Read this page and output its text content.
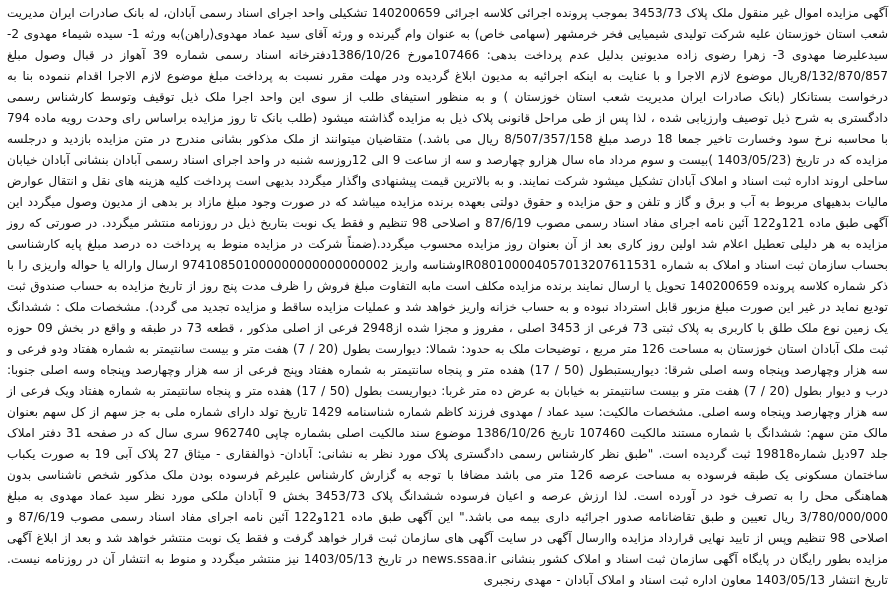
آگهی مزایده اموال غیر منقول ملک پلاک 3453/73 بموجب پرونده اجرائی کلاسه اجرائی 140200659 تشکیلی واحد اجرای اسناد رسمی آبادان، له بانک صادرات ایران مدیریت شعب استان خوزستان علیه شرکت تولیدی شیمیایی فخر خرمشهر (سهامی خاص) به عنوان وام گیرنده و ورثه آقای سید عماد مهدوی(راهن)به ورثه 1- سیده شیماء مهدوی 2- سیدعلیرضا مهدوی 3- زهرا رضوی زاده مدیونین بدلیل عدم پرداخت بدهی: 107466مورخ 1386/10/26دفترخانه اسناد رسمی شماره 39 آهواز در قبال وصول مبلغ 8/132/870/857ریال موضوع لازم الاجرا و با عنایت به اینکه اجرائیه به مدیون ابلاغ گردیده ودر مهلت مقرر نسبت به پرداخت مبلغ موضوع لازم الاجرا اقدام ننموده بنا به درخواست بستانکار (بانک صادرات ایران مدیریت شعب استان خوزستان ) و به منظور استیفای طلب از سوی این واحد اجرا ملک ذیل توقیف وتوسط کارشناس رسمی دادگستری به شرح ذیل توصیف وارزیابی شده ، لذا پس از طی مراحل قانونی پلاک ذیل به مزایده گذاشته میشود (طلب بانک تا روز مزایده براساس رای وحدت رویه ماده 794 با محاسبه نرخ سود وخسارت تاخیر جمعا 18 درصد مبلغ 8/507/357/158 ریال می باشد.) متقاضیان میتوانند از ملک مذکور بشانی مندرج در متن مزایده بازدید و درجلسه مزایده که در تاریخ (1403/05/23 )بیست و سوم مرداد ماه سال هزارو چهارصد و سه از ساعت 9 الی 12روزسه شنبه در واحد اجرای اسناد رسمی آبادان بنشانی آبادان خیابان ساحلی اروند اداره ثبت اسناد و املاک آبادان تشکیل میشود شرکت نمایند. و به بالاترین قیمت پیشنهادی واگذار میگردد بدیهی است پرداخت کلیه هزینه های نقل و انتقال عوارض مالیات بدهیهای مربوط به آب و برق و گاز و تلفن و حق مزایده و حقوق دولتی بعهده برنده مزایده میباشد که در صورت وجود مبلغ مازاد بر بدهی از مدیون وصول میگردد این آگهی طبق ماده 121و122 آئین نامه اجرای مفاد اسناد رسمی مصوب 87/6/19 و اصلاحی 98 تنظیم و فقط یک نوبت بتاریخ ذیل در روزنامه منتشر میگردد. در صورتی که روز مزایده به هر دلیلی تعطیل اعلام شد اولین روز کاری بعد از آن بعنوان روز مزایده محسوب میگردد.(ضمناً شرکت در مزایده منوط به پرداخت ده درصد مبلغ پایه کارشناسی بحساب سازمان ثبت اسناد و املاک به شماره IR080100004057013207611531وشناسه واریز 974108501000000000000000002 ارسال واراله یا حواله واریزی را با ذکر شماره کلاسه پرونده 140200659 تحویل یا ارسال نمایند برنده مزایده مکلف است مابه التفاوت مبلغ فروش را ظرف مدت پنج روز از تاریخ مزایده به حساب صندوق ثبت تودیع نماید در غیر این صورت مبلغ مزبور قابل استرداد نبوده و به حساب خزانه واریز خواهد شد و عملیات مزایده ساقط و مزایده تجدید می گردد). مشخصات ملک : ششدانگ یک زمین نوع ملک طلق با کاربری به پلاک ثبتی 73 فرعی از 3453 اصلی ، مفروز و مجزا شده از2948 فرعی از اصلی مذکور ، قطعه 73 در طبقه و واقع در بخش 09 حوزه ثبت ملک آبادان استان خوزستان به مساحت 126 متر مربع ، توضیحات ملک به حدود: شمالا: دیوارست بطول (20 / 7) هفت متر و بیست سانتیمتر به شماره هفتاد ودو فرعی و سه هزار وچهارصد وپنجاه وسه اصلی شرقا: دیواریستبطول (50 / 17) هفده متر و پنجاه سانتیمتر به شماره هفتاد وپنج فرعی از سه هزار وچهارصد وپنجاه وسه اصلی جنوبا: درب و دیوار بطول (20 / 7) هفت متر و بیست سانتیمتر به خیابان به عرض ده متر غربا: دیواریست بطول (50 / 17) هفده متر و پنجاه سانتیمتر به شماره هفتاد ویک فرعی از سه هزار وچهارصد وپنجاه وسه اصلی. مشخصات مالکیت: سید عماد / مهدوی فرزند کاظم شماره شناسنامه 1429 تاریخ تولد دارای شماره ملی به جز سهم از کل سهم بعنوان مالک متن سهم: ششدانگ با شماره مستند مالکیت 107460 تاریخ 1386/10/26 موضوع سند مالکیت اصلی بشماره چاپی 962740 سری سال که در صفحه 31 دفتر املاک جلد 97دیل شماره19818 ثبت گردیده است. "طبق نظر کارشناس رسمی دادگستری پلاک مورد نظر به نشانی: آبادان- ذوالفقاری - میثاق 27 پلاک آبی 19 به صورت یکباب ساختمان مسکونی یک طبقه فرسوده به مساحت عرصه 126 متر می باشد مضافا با توجه به گزارش کارشناس علیرغم فرسوده بودن ملک مذکور شخص ناشناسی بدون هماهنگی محل را به تصرف خود در آورده است. لذا ارزش عرصه و اعیان فرسوده ششدانگ پلاک 3453/73 بخش 9 آبادان ملکی مورد نظر سید عماد مهدوی به مبلغ 3/780/000/000 ریال تعیین و طبق تقاضانامه صدور اجرائیه داری بیمه می باشد." این آگهی طبق ماده 121و122 آئین نامه اجرای مفاد اسناد رسمی مصوب 87/6/19 و اصلاحی 98 تنظیم وپس از تایید نهایی قرارداد مزایده واارسال آگهی در سایت آگهی های سازمان ثبت قرار خواهد گرفت و فقط یک نوبت منتشر خواهد شد و بعد از ابلاغ آگهی مزایده بطور رایگان در پایگاه آگهی سازمان ثبت اسناد و املاک کشور بنشانی news.ssaa.ir در تاریخ 1403/05/13 نیز منتشر میگردد و منوط به انتشار آن در روزنامه نیست. تاریخ انتشار 1403/05/13 معاون اداره ثبت اسناد و املاک آبادان - مهدی رنجبری
